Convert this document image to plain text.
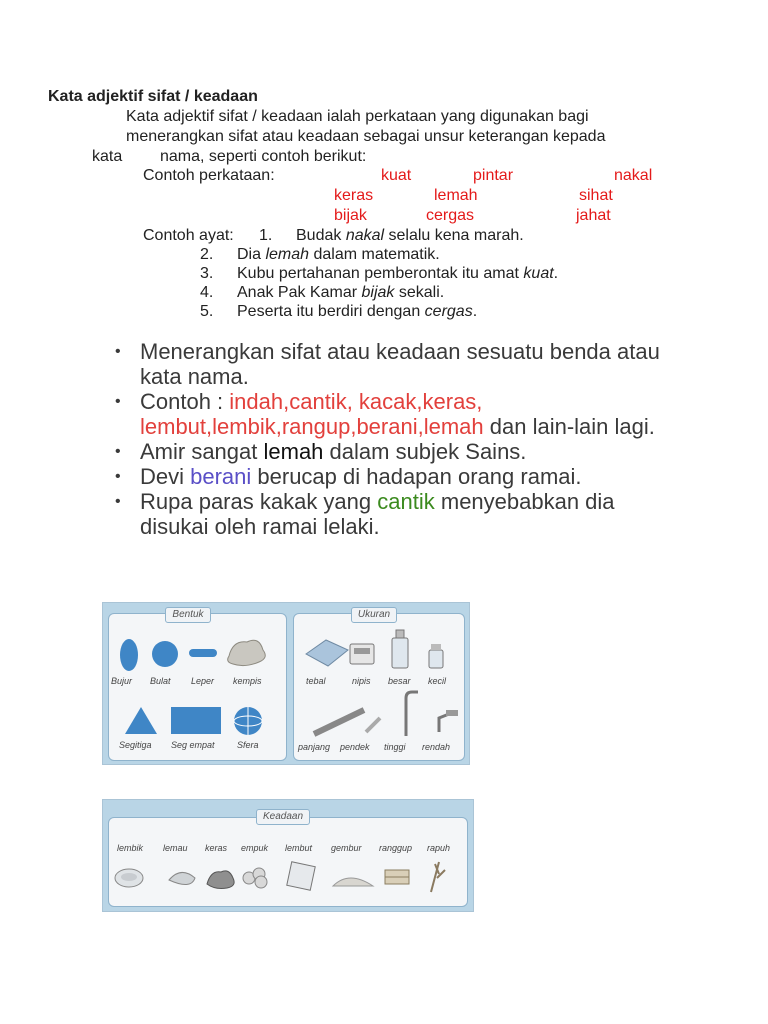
Kata adjektif sifat / keadaan
Kata adjektif sifat / keadaan ialah perkataan yang digunakan bagi
menerangkan sifat atau keadaan sebagai unsur keterangan kepada
kata nama, seperti contoh berikut:
Contoh perkataan:	kuat	pintar	nakal
keras	lemah	sihat
bijak	cergas	jahat
Contoh ayat: 1. Budak nakal selalu kena marah.
2. Dia lemah dalam matematik.
3. Kubu pertahanan pemberontak itu amat kuat.
4. Anak Pak Kamar bijak sekali.
5. Peserta itu berdiri dengan cergas.
• Menerangkan sifat atau keadaan sesuatu benda atau kata nama.
• Contoh : indah,cantik, kacak,keras, lembut,lembik,rangup,berani,lemah dan lain-lain lagi.
• Amir sangat lemah dalam subjek Sains.
• Devi berani berucap di hadapan orang ramai.
• Rupa paras kakak yang cantik menyebabkan dia disukai oleh ramai lelaki.
Bujur Bulat Leper kempis
Segitiga Seg empat Sfera
Bentuk
tebal	nipis besar kecil
panjang pendek tinggi rendah
Ukuran
lembik lemau keras empuk lembut gembur ranggup rapuh
Keadaan
